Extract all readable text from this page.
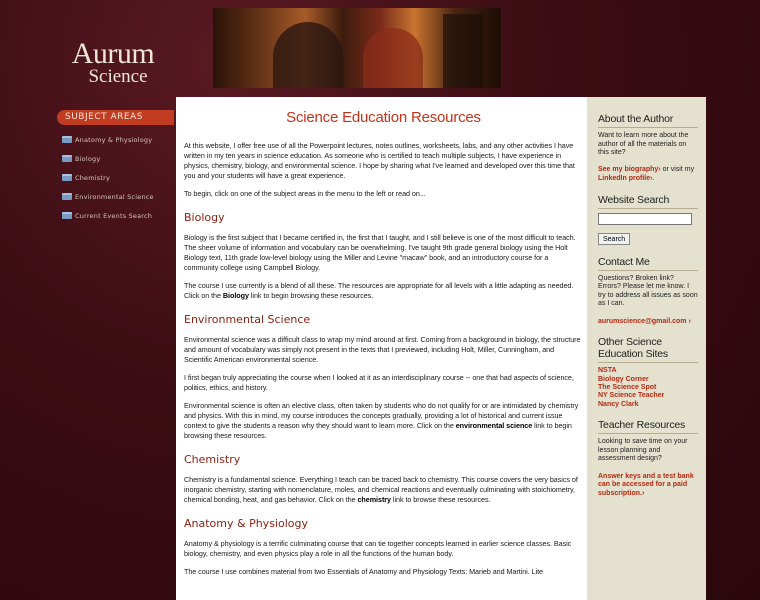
Aurum
Science
SUBJECT AREAS
Anatomy & Physiology
Biology
Chemistry
Environmental Science
Current Events Search
Science Education Resources

At this website, I offer free use of all the Powerpoint lectures, notes outlines, worksheets, labs, and any other activities I have written in my ten years in science education. As someone who is certified to teach multiple subjects, I have experience in physics, chemistry, biology, and environmental science. I hope by sharing what I've learned and developed over this time that you and your students will have a great experience.

To begin, click on one of the subject areas in the menu to the left or read on...

Biology

Biology is the first subject that I became certified in, the first that I taught, and I still believe is one of the most difficult to teach. The sheer volume of information and vocabulary can be overwhelming. I've taught 9th grade general biology using the Holt Biology text, 11th grade low-level biology using the Miller and Levine "macaw" book, and an introductory course for a community college using Campbell Biology.

The course I use currently is a blend of all these. The resources are appropriate for all levels with a little adapting as needed. Click on the Biology link to begin browsing these resources.

Environmental Science

Environmental science was a difficult class to wrap my mind around at first. Coming from a background in biology, the structure and amount of vocabulary was simply not present in the texts that I previewed, including Holt, Miller, Cunningham, and Scientific American environmental science.

I first began truly appreciating the course when I looked at it as an interdisciplinary course -- one that had aspects of science, politics, ethics, and history.

Environmental science is often an elective class, often taken by students who do not qualify for or are intimidated by chemistry and physics. With this in mind, my course introduces the concepts gradually, providing a lot of historical and current issue context to give the students a reason why they should want to learn more. Click on the environmental science link to begin browsing these resources.

Chemistry

Chemistry is a fundamental science. Everything I teach can be traced back to chemistry. This course covers the very basics of inorganic chemistry, starting with nomenclature, moles, and chemical reactions and eventually culminating with stoichiometry, chemical bonding, heat, and gas behavior. Click on the chemistry link to browse these resources.

Anatomy & Physiology

Anatomy & physiology is a terrific culminating course that can tie together concepts learned in earlier science classes. Basic biology, chemistry, and even physics play a role in all the functions of the human body.

The course I use combines material from two Essentials of Anatomy and Physiology Texts: Marieb and Martini. Lite

About the Author

Want to learn more about the author of all the materials on this site?

See my biography› or visit my LinkedIn profile›.

Website Search
Search
Contact Me

Questions? Broken link? Errors? Please let me know. I try to address all issues as soon as I can.

aurumscience@gmail.com ›

Other Science Education Sites
NSTA
Biology Corner
The Science Spot
NY Science Teacher
Nancy Clark
Teacher Resources

Looking to save time on your lesson planning and assessment design?

Answer keys and a test bank can be accessed for a paid subscription.›
